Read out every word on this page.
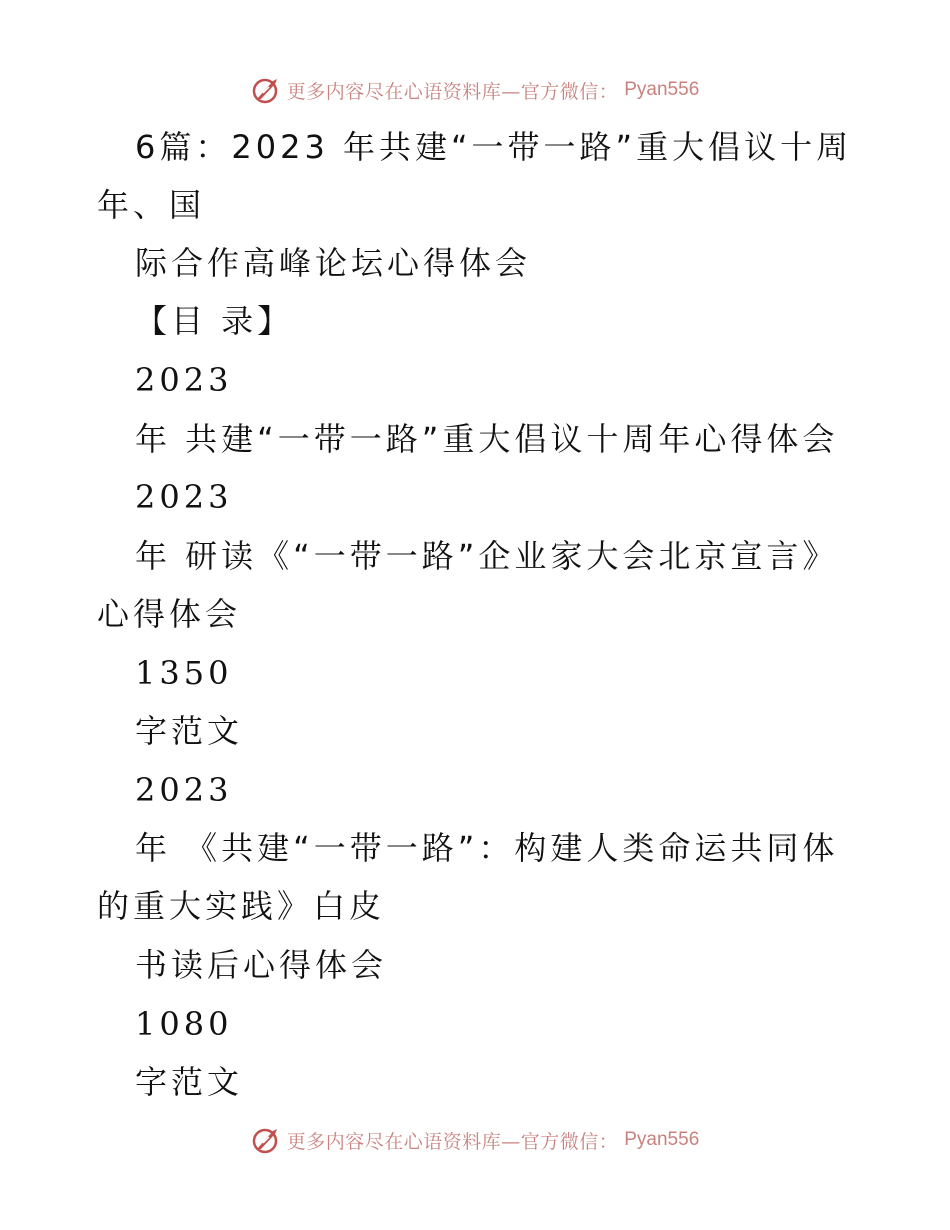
更多内容尽在心语资料库—官方微信： Pyan556
6篇：2023 年共建“一带一路”重大倡议十周
年、国
际合作高峰论坛心得体会
【目 录】
2023
年 共建“一带一路”重大倡议十周年心得体会
2023
年 研读《“一带一路”企业家大会北京宣言》
心得体会
1350
字范文
2023
年 《共建“一带一路”：构建人类命运共同体
的重大实践》白皮
书读后心得体会
1080
字范文
更多内容尽在心语资料库—官方微信： Pyan556
